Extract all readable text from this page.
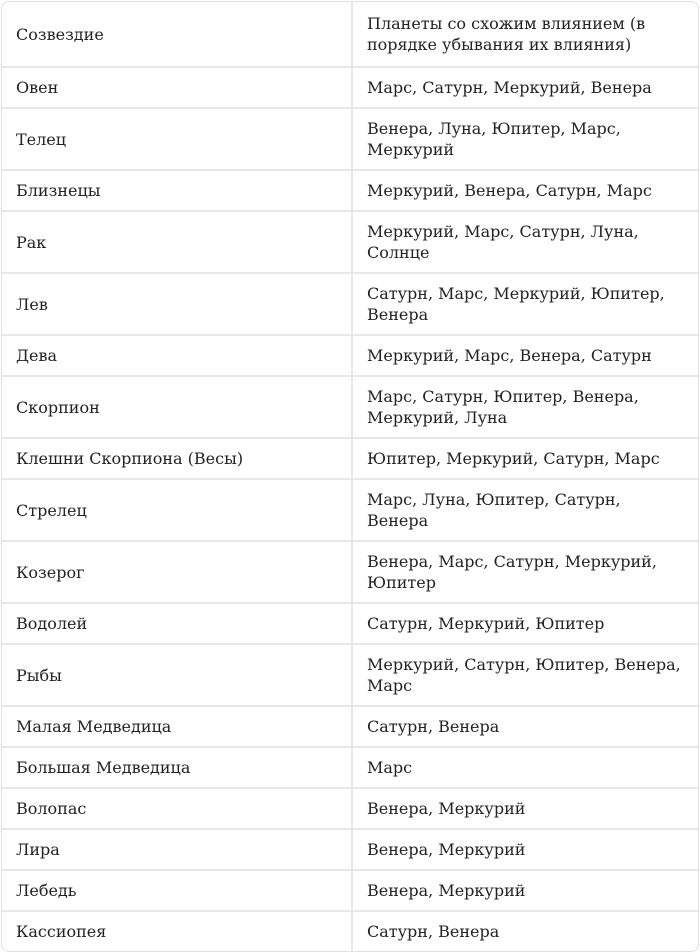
Созвездие	Планеты со схожим влиянием (в порядке убывания их влияния)
Овен	Марс, Сатурн, Меркурий, Венера
Телец	Венера, Луна, Юпитер, Марс, Меркурий
Близнецы	Меркурий, Венера, Сатурн, Марс
Рак	Меркурий, Марс, Сатурн, Луна, Солнце
Лев	Сатурн, Марс, Меркурий, Юпитер, Венера
Дева	Меркурий, Марс, Венера, Сатурн
Скорпион	Марс, Сатурн, Юпитер, Венера, Меркурий, Луна
Клешни Скорпиона (Весы)	Юпитер, Меркурий, Сатурн, Марс
Стрелец	Марс, Луна, Юпитер, Сатурн, Венера
Козерог	Венера, Марс, Сатурн, Меркурий, Юпитер
Водолей	Сатурн, Меркурий, Юпитер
Рыбы	Меркурий, Сатурн, Юпитер, Венера, Марс
Малая Медведица	Сатурн, Венера
Большая Медведица	Марс
Волопас	Венера, Меркурий
Лира	Венера, Меркурий
Лебедь	Венера, Меркурий
Кассиопея	Сатурн, Венера
